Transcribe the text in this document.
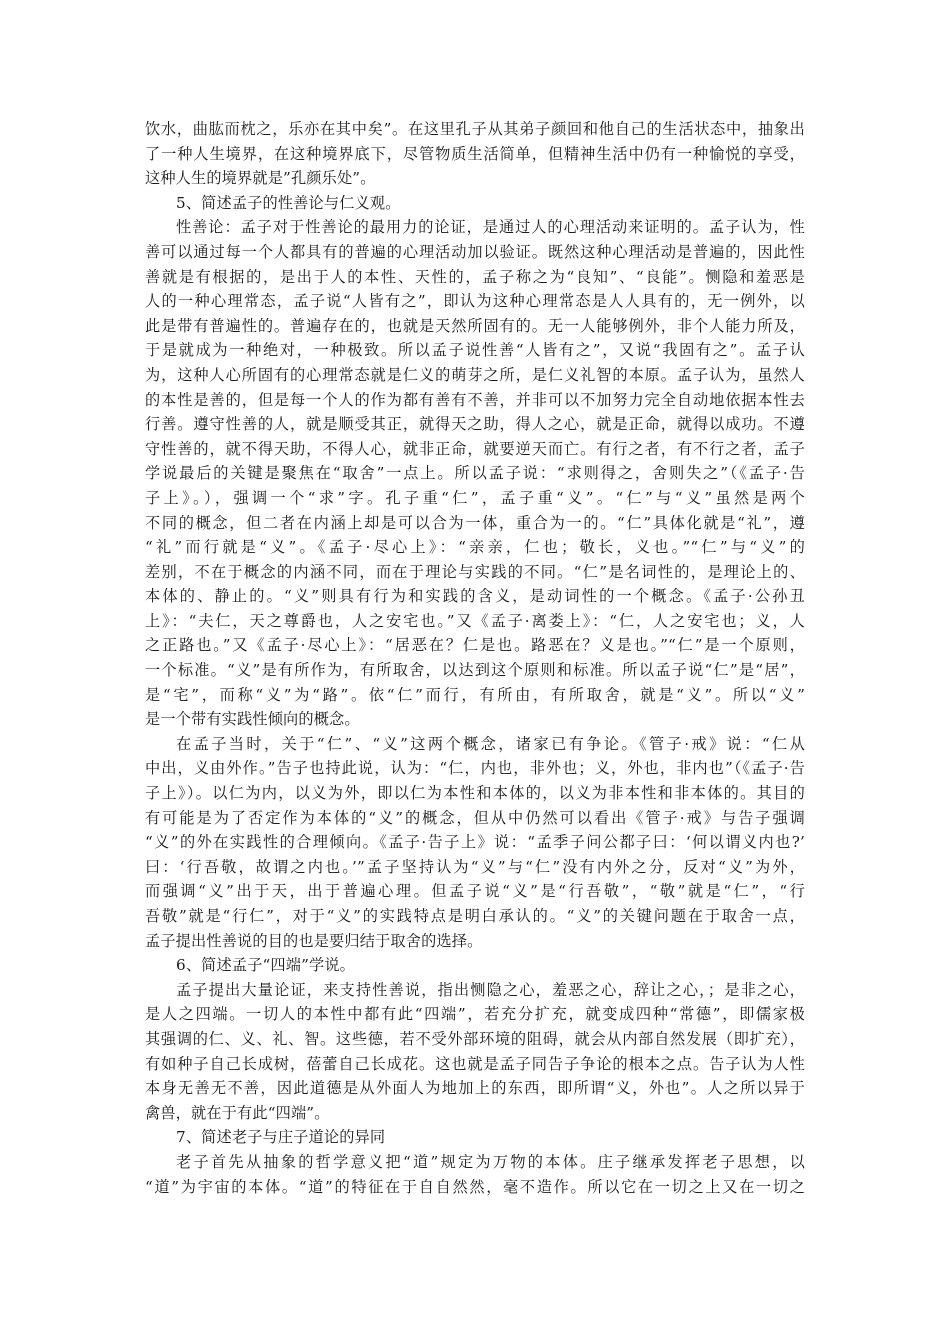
饮水，曲肱而枕之，乐亦在其中矣”。在这里孔子从其弟子颜回和他自己的生活状态中，抽象出
了一种人生境界，在这种境界底下，尽管物质生活简单，但精神生活中仍有一种愉悦的享受，
这种人生的境界就是”孔颜乐处”。
5、简述孟子的性善论与仁义观。
性善论：孟子对于性善论的最用力的论证，是通过人的心理活动来证明的。孟子认为，性
善可以通过每一个人都具有的普遍的心理活动加以验证。既然这种心理活动是普遍的，因此性
善就是有根据的，是出于人的本性、天性的，孟子称之为“良知”、“良能”。恻隐和羞恶是
人的一种心理常态，孟子说“人皆有之”，即认为这种心理常态是人人具有的，无一例外，以
此是带有普遍性的。普遍存在的，也就是天然所固有的。无一人能够例外，非个人能力所及，
于是就成为一种绝对，一种极致。所以孟子说性善“人皆有之”，又说“我固有之”。孟子认
为，这种人心所固有的心理常态就是仁义的萌芽之所，是仁义礼智的本原。孟子认为，虽然人
的本性是善的，但是每一个人的作为都有善有不善，并非可以不加努力完全自动地依据本性去
行善。遵守性善的人，就是顺受其正，就得天之助，得人之心，就是正命，就得以成功。不遵
守性善的，就不得天助，不得人心，就非正命，就要逆天而亡。有行之者，有不行之者，孟子
学说最后的关键是聚焦在“取舍”一点上。所以孟子说：“求则得之，舍则失之”（《孟子·告
子上》。），强调一个“求”字。孔子重“仁”，孟子重“义”。“仁”与“义”虽然是两个
不同的概念，但二者在内涵上却是可以合为一体，重合为一的。“仁”具体化就是“礼”，遵
“礼”而行就是“义”。《孟子·尽心上》：“亲亲，仁也；敬长，义也。”“仁”与“义”的
差别，不在于概念的内涵不同，而在于理论与实践的不同。“仁”是名词性的，是理论上的、
本体的、静止的。“义”则具有行为和实践的含义，是动词性的一个概念。《孟子·公孙丑
上》：“夫仁，天之尊爵也，人之安宅也。”又《孟子·离娄上》：“仁，人之安宅也；义，人
之正路也。”又《孟子·尽心上》：“居恶在？仁是也。路恶在？义是也。”“仁”是一个原则，
一个标准。“义”是有所作为，有所取舍，以达到这个原则和标准。所以孟子说“仁”是“居”，
是“宅”，而称“义”为“路”。依“仁”而行，有所由，有所取舍，就是“义”。所以“义”
是一个带有实践性倾向的概念。
在孟子当时，关于“仁”、“义”这两个概念，诸家已有争论。《管子·戒》说：“仁从
中出，义由外作。”告子也持此说，认为：“仁，内也，非外也；义，外也，非内也”（《孟子·告
子上》）。以仁为内，以义为外，即以仁为本性和本体的，以义为非本性和非本体的。其目的
有可能是为了否定作为本体的“义”的概念，但从中仍然可以看出《管子·戒》与告子强调
“义”的外在实践性的合理倾向。《孟子·告子上》说：“孟季子问公都子曰：‘何以谓义内也?’
曰：‘行吾敬，故谓之内也。’”孟子坚持认为“义”与“仁”没有内外之分，反对“义”为外，
而强调“义”出于天，出于普遍心理。但孟子说“义”是“行吾敬”，“敬”就是“仁”，“行
吾敬”就是“行仁”，对于“义”的实践特点是明白承认的。“义”的关键问题在于取舍一点，
孟子提出性善说的目的也是要归结于取舍的选择。
6、简述孟子“四端”学说。
孟子提出大量论证，来支持性善说，指出恻隐之心，羞恶之心，辞让之心，；是非之心，
是人之四端。一切人的本性中都有此“四端”，若充分扩充，就变成四种“常德”，即儒家极
其强调的仁、义、礼、智。这些德，若不受外部环境的阻碍，就会从内部自然发展（即扩充），
有如种子自己长成树，蓓蕾自己长成花。这也就是孟子同告子争论的根本之点。告子认为人性
本身无善无不善，因此道德是从外面人为地加上的东西，即所谓“义，外也”。人之所以异于
禽兽，就在于有此“四端”。
7、简述老子与庄子道论的异同
老子首先从抽象的哲学意义把“道”规定为万物的本体。庄子继承发挥老子思想，以
“道”为宇宙的本体。“道”的特征在于自自然然，毫不造作。所以它在一切之上又在一切之
